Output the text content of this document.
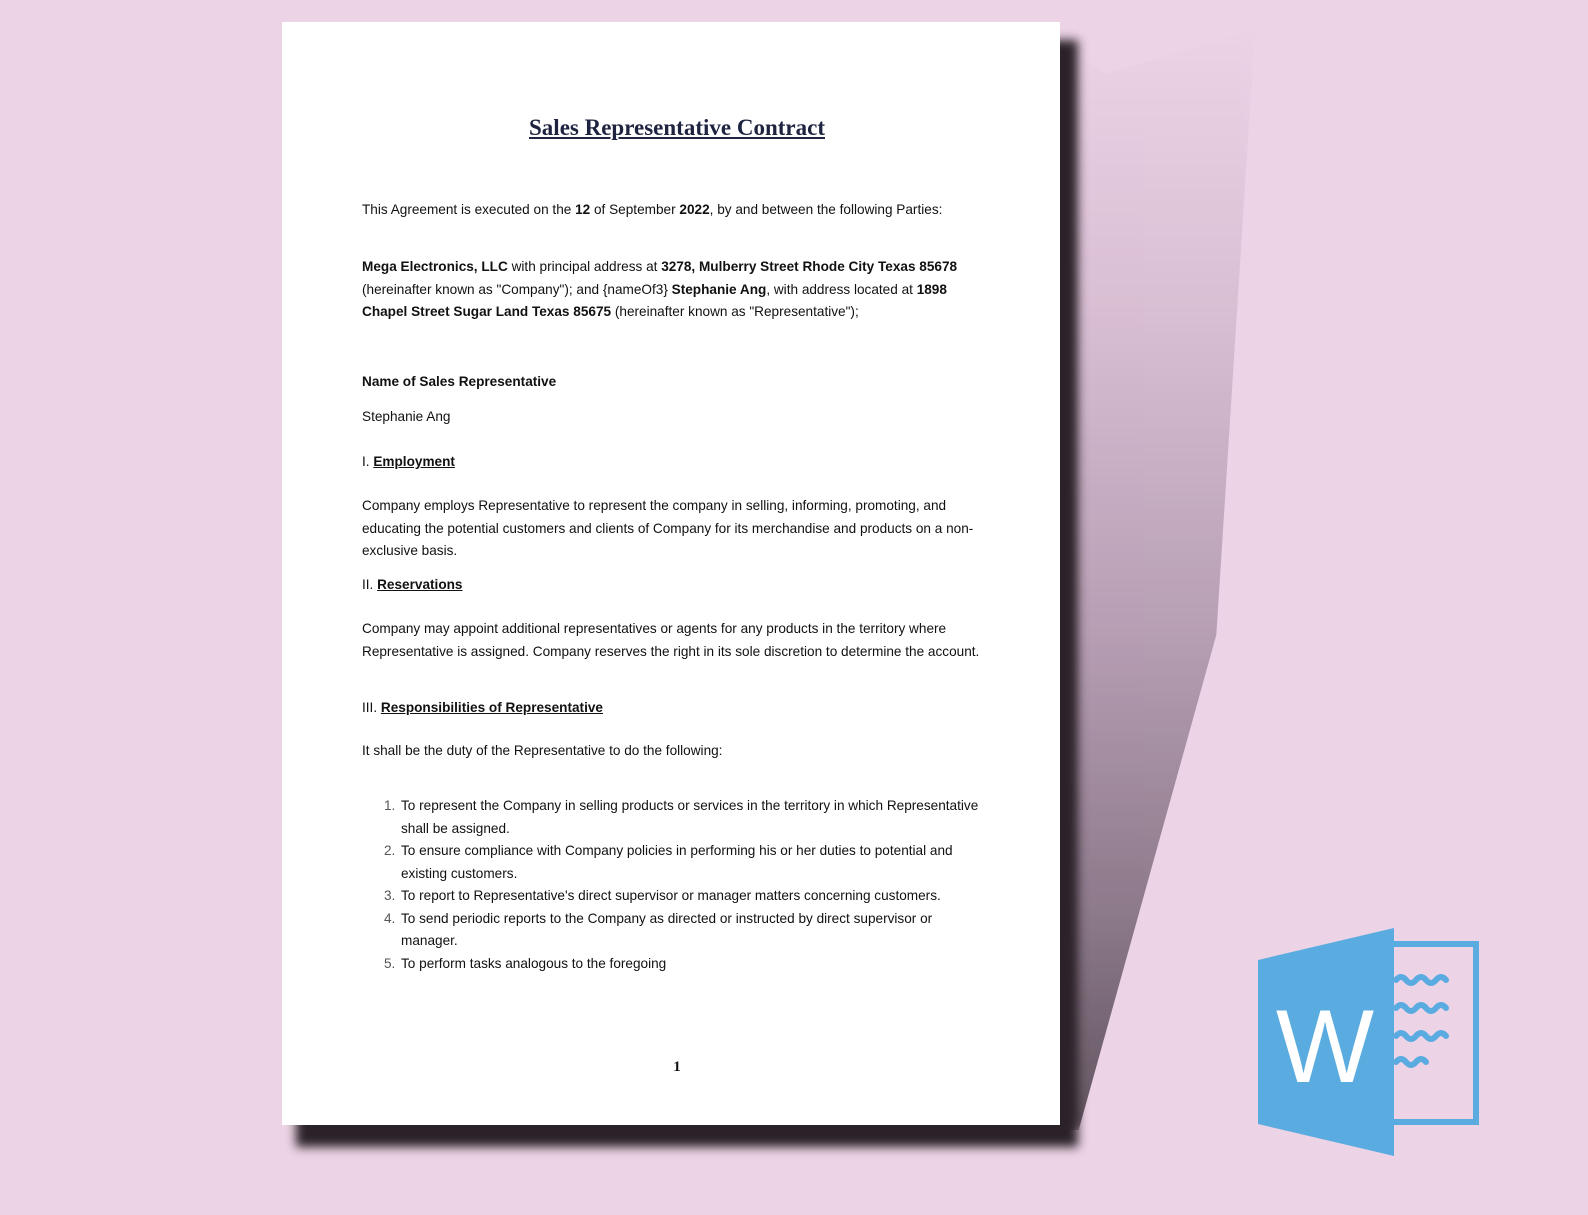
Sales Representative Contract

This Agreement is executed on the 12 of September 2022, by and between the following Parties:

Mega Electronics, LLC with principal address at 3278, Mulberry Street Rhode City Texas 85678 (hereinafter known as "Company"); and {nameOf3} Stephanie Ang, with address located at 1898 Chapel Street Sugar Land Texas 85675 (hereinafter known as "Representative");

Name of Sales Representative

Stephanie Ang

I. Employment

Company employs Representative to represent the company in selling, informing, promoting, and educating the potential customers and clients of Company for its merchandise and products on a non-exclusive basis.

II. Reservations

Company may appoint additional representatives or agents for any products in the territory where Representative is assigned. Company reserves the right in its sole discretion to determine the account.

III. Responsibilities of Representative

It shall be the duty of the Representative to do the following:

1. To represent the Company in selling products or services in the territory in which Representative shall be assigned.
2. To ensure compliance with Company policies in performing his or her duties to potential and existing customers.
3. To report to Representative's direct supervisor or manager matters concerning customers.
4. To send periodic reports to the Company as directed or instructed by direct supervisor or manager.
5. To perform tasks analogous to the foregoing
1	W
